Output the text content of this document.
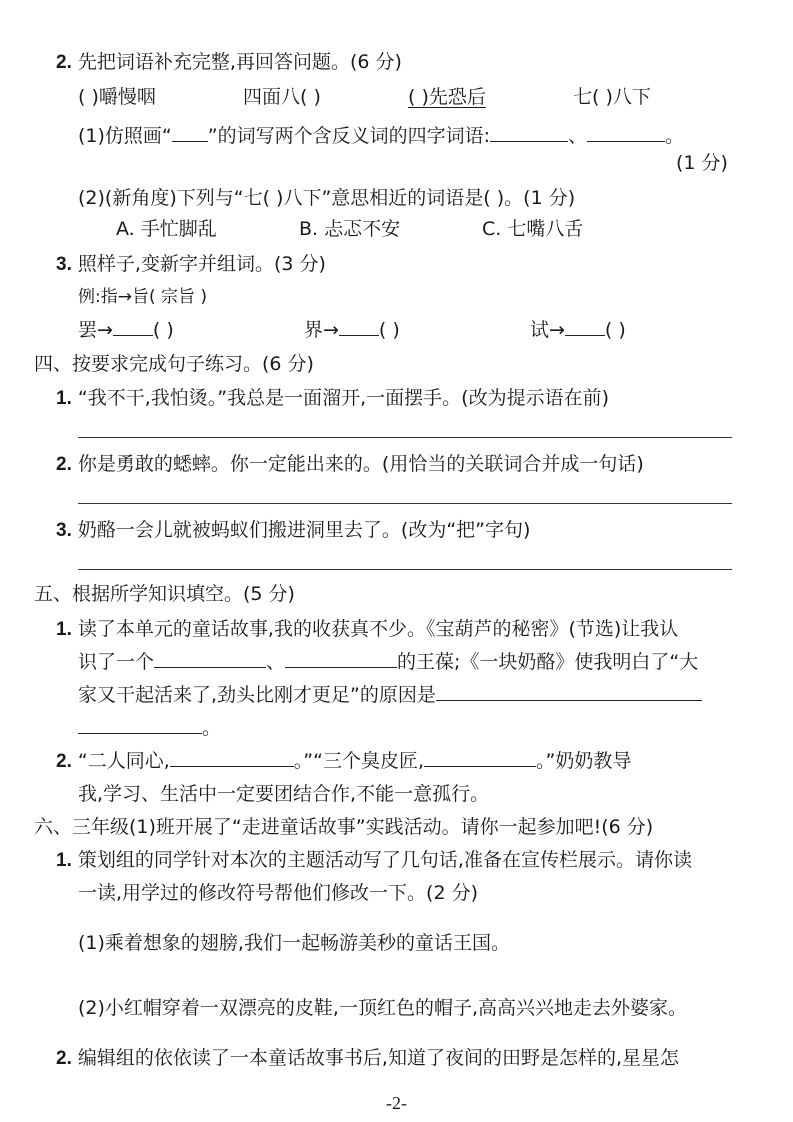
2. 先把词语补充完整,再回答问题。(6 分)
( )嚼慢咽	四面八( )	( )先恐后	七( )八下
(1)仿照画“ ”的词写两个含反义词的四字词语:	、	。
(1 分)
(2)(新角度)下列与“七( )八下”意思相近的词语是( )。(1 分)
A. 手忙脚乱	B. 忐忑不安	C. 七嘴八舌
3. 照样子,变新字并组词。(3 分)
例:指→旨( 宗旨 )
罢→ ( )	界→ ( )	试→ ( )
四、按要求完成句子练习。(6 分)
1. “我不干,我怕烫。”我总是一面溜开,一面摆手。(改为提示语在前)
2. 你是勇敢的蟋蟀。你一定能出来的。(用恰当的关联词合并成一句话)
3. 奶酪一会儿就被蚂蚁们搬进洞里去了。(改为“把”字句)
五、根据所学知识填空。(5 分)
1. 读了本单元的童话故事,我的收获真不少。《宝葫芦的秘密》(节选)让我认
识了一个	、	的王葆;《一块奶酪》使我明白了“大
家又干起活来了,劲头比刚才更足”的原因是
。
2. “二人同心,	。”“三个臭皮匠,	。”奶奶教导
我,学习、生活中一定要团结合作,不能一意孤行。
六、三年级(1)班开展了“走进童话故事”实践活动。请你一起参加吧!(6 分)
1. 策划组的同学针对本次的主题活动写了几句话,准备在宣传栏展示。请你读
一读,用学过的修改符号帮他们修改一下。(2 分)
(1)乘着想象的翅膀,我们一起畅游美秒的童话王国。
(2)小红帽穿着一双漂亮的皮鞋,一顶红色的帽子,高高兴兴地走去外婆家。
2. 编辑组的依依读了一本童话故事书后,知道了夜间的田野是怎样的,星星怎
-2-
